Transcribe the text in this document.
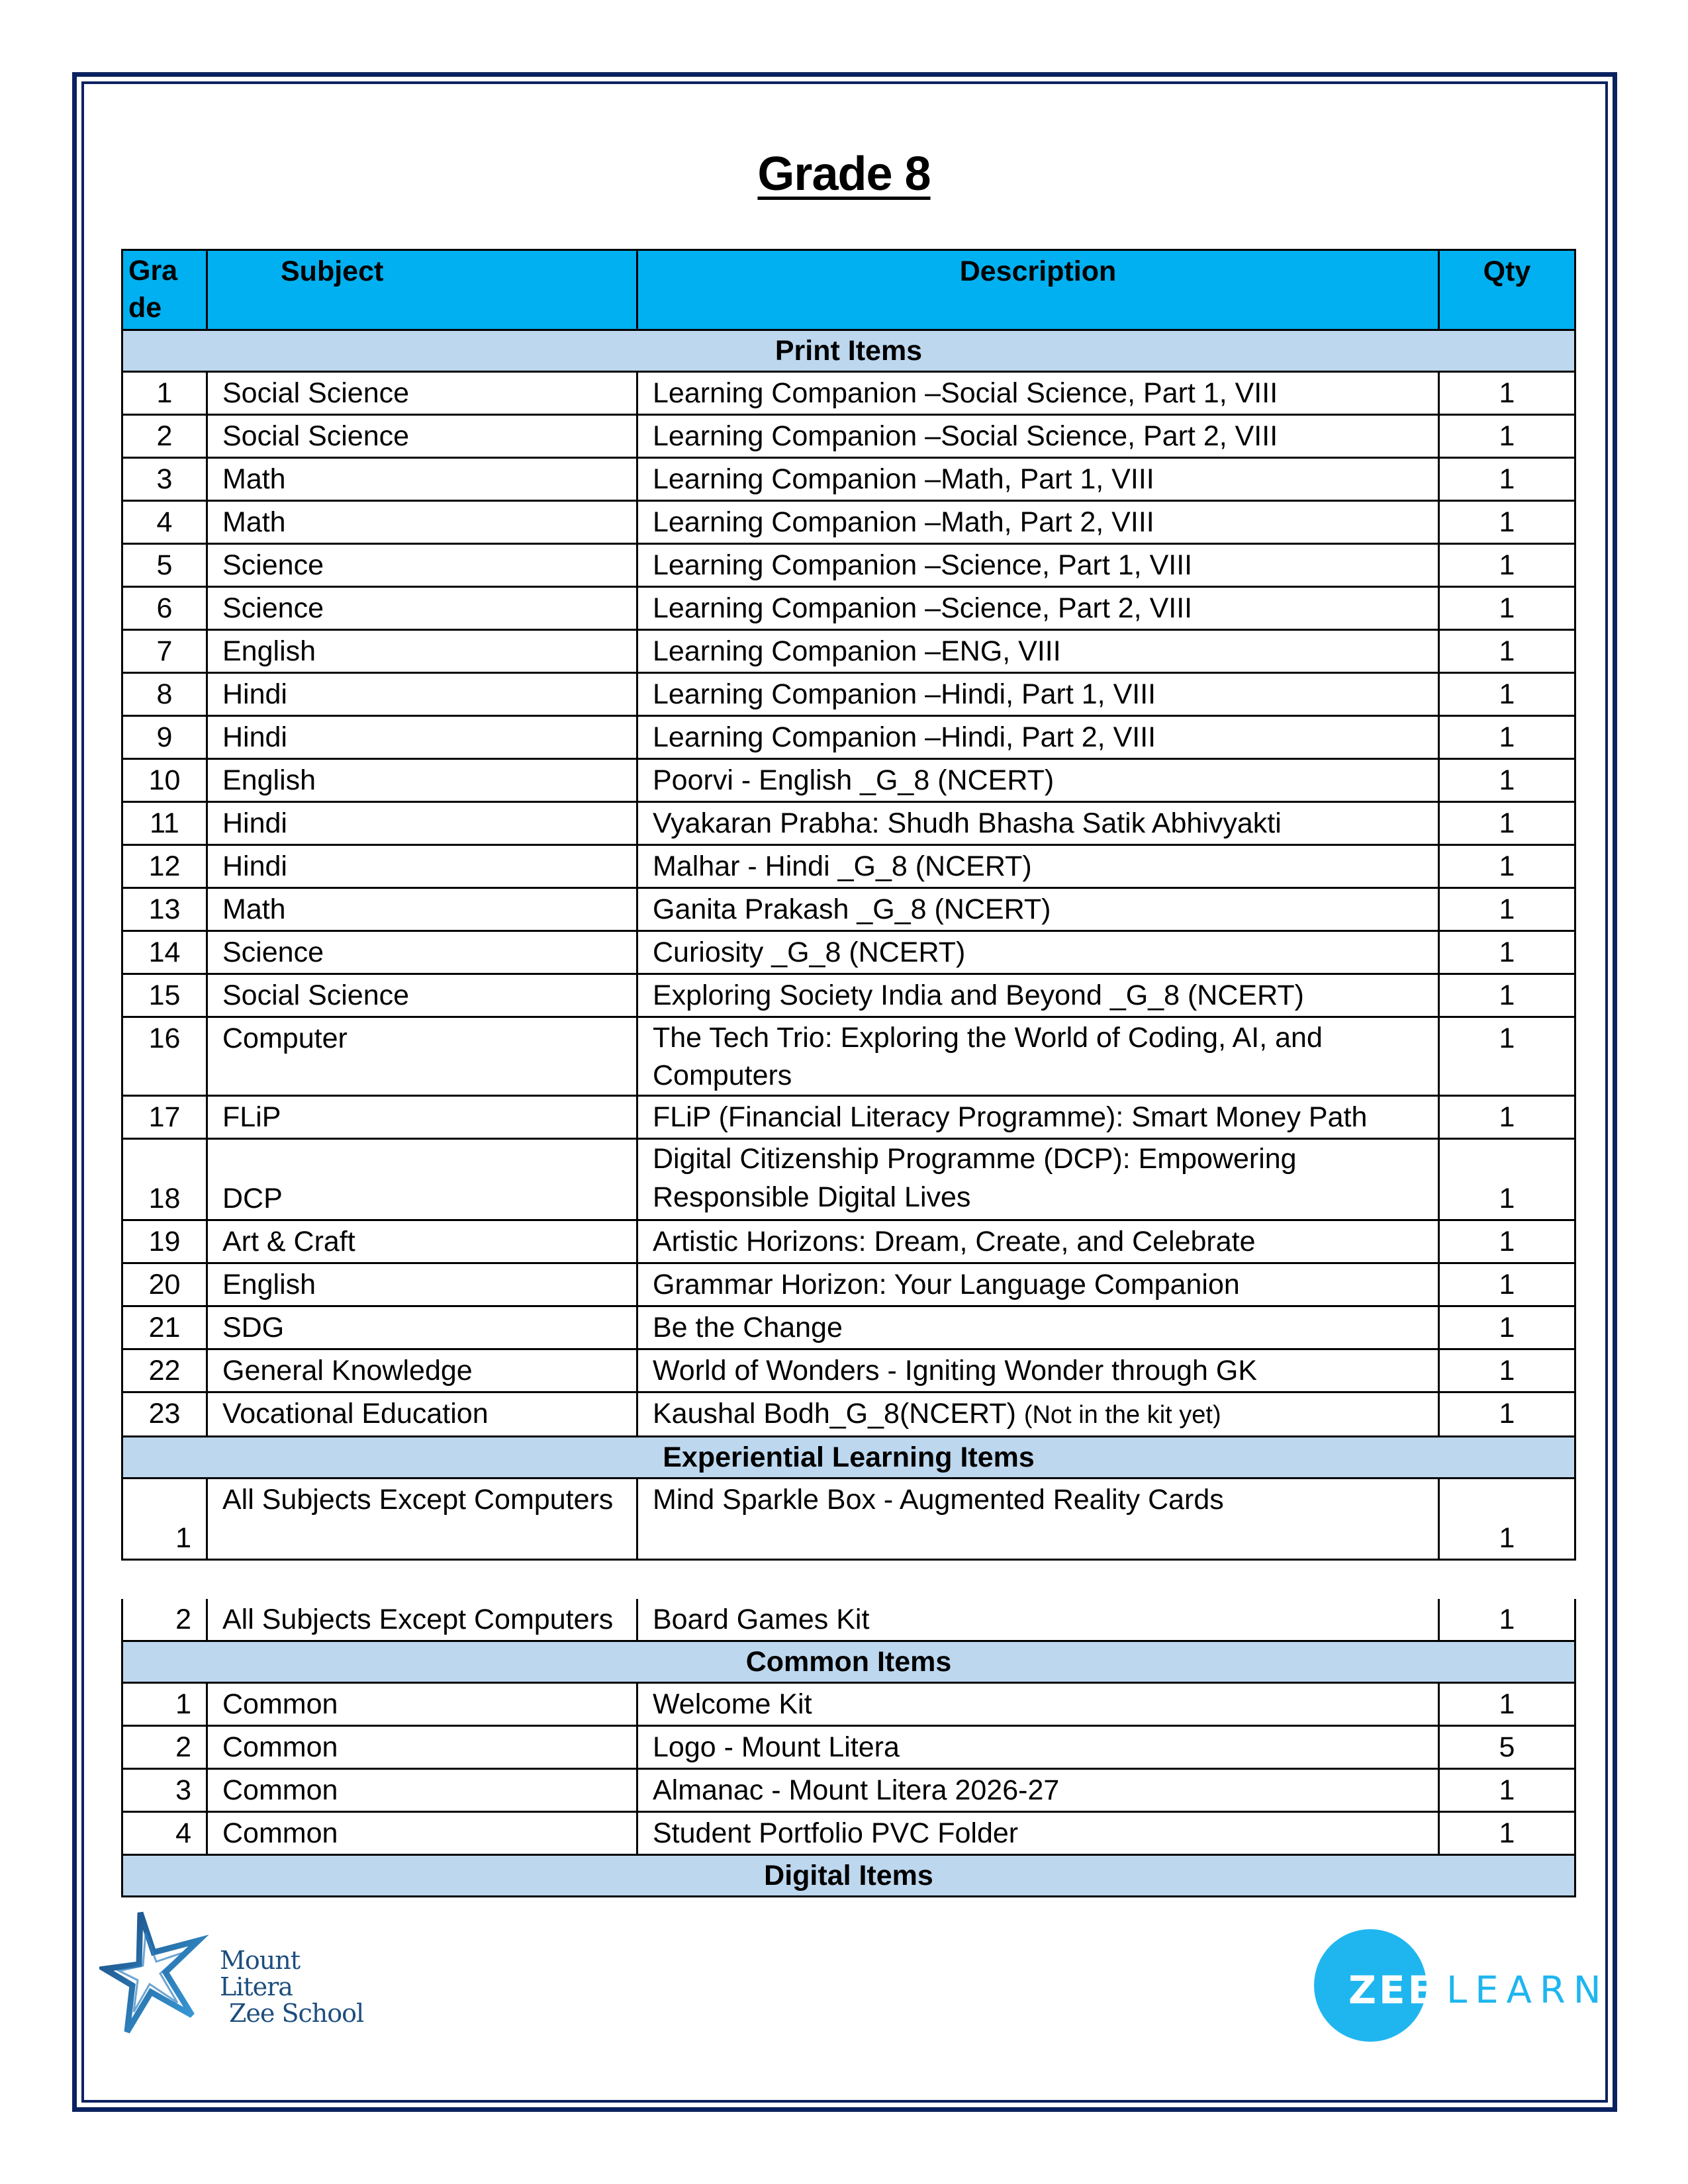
Grade 8
Grade	Subject	Description	Qty
Print Items			
1	Social Science	Learning Companion –Social Science, Part 1, VIII	1
2	Social Science	Learning Companion –Social Science, Part 2, VIII	1
3	Math	Learning Companion –Math, Part 1, VIII	1
4	Math	Learning Companion –Math, Part 2, VIII	1
5	Science	Learning Companion –Science, Part 1, VIII	1
6	Science	Learning Companion –Science, Part 2, VIII	1
7	English	Learning Companion –ENG, VIII	1
8	Hindi	Learning Companion –Hindi, Part 1, VIII	1
9	Hindi	Learning Companion –Hindi, Part 2, VIII	1
10	English	Poorvi - English _G_8 (NCERT)	1
11	Hindi	Vyakaran Prabha: Shudh Bhasha Satik Abhivyakti	1
12	Hindi	Malhar - Hindi _G_8 (NCERT)	1
13	Math	Ganita Prakash _G_8 (NCERT)	1
14	Science	Curiosity _G_8 (NCERT)	1
15	Social Science	Exploring Society India and Beyond _G_8 (NCERT)	1
16	Computer	The Tech Trio: Exploring the World of Coding, AI, and Computers	1
17	FLiP	FLiP (Financial Literacy Programme): Smart Money Path	1
18	DCP	Digital Citizenship Programme (DCP): Empowering Responsible Digital Lives	1
19	Art & Craft	Artistic Horizons: Dream, Create, and Celebrate	1
20	English	Grammar Horizon: Your Language Companion	1
21	SDG	Be the Change	1
22	General Knowledge	World of Wonders - Igniting Wonder through GK	1
23	Vocational Education	Kaushal Bodh_G_8(NCERT) (Not in the kit yet)	1
Experiential Learning Items			
1	All Subjects Except Computers	Mind Sparkle Box - Augmented Reality Cards	1

2	All Subjects Except Computers	Board Games Kit	1
Common Items			
1	Common	Welcome Kit	1
2	Common	Logo - Mount Litera	5
3	Common	Almanac - Mount Litera 2026-27	1
4	Common	Student Portfolio PVC Folder	1
Digital Items			
Mount Litera
Zee School
ZEE LEARN
